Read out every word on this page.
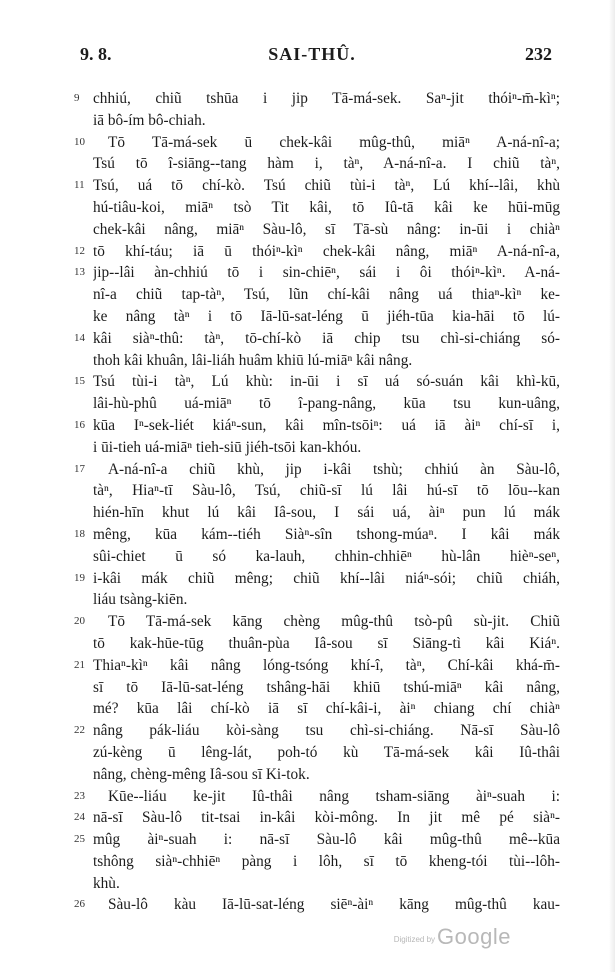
9. 8.	SAI-THÛ.	232
9 chhiú, chiũ tshūa i jip Tā-má-sek. Saⁿ-jit thóiⁿ-m̄-kìⁿ;
iā bô-ím bô-chiah.
10	Tō Tā-má-sek ū chek-kâi mûg-thû, miāⁿ A-ná-nî-a;
Tsú tō î-siāng--tang hàm i, tàⁿ, A-ná-nî-a. I chiũ tàⁿ,
11 Tsú, uá tō chí-kò. Tsú chiũ tùi-i tàⁿ, Lú khí--lâi, khù
hú-tiâu-koi, miāⁿ tsò Tit kâi, tō Iû-tā kâi ke hūi-mūg
chek-kâi nâng, miāⁿ Sàu-lô, sī Tā-sù nâng: in-ūi i chiàⁿ
12 tō khí-táu; iā ū thóiⁿ-kìⁿ chek-kâi nâng, miāⁿ A-ná-nî-a,
13 jip--lâi àn-chhiú tō i sin-chiēⁿ, sái i ôi thóiⁿ-kìⁿ. A-ná-
nî-a chiũ tap-tàⁿ, Tsú, lũn chí-kâi nâng uá thiaⁿ-kìⁿ ke-
ke nâng tàⁿ i tō Iā-lū-sat-léng ū jiéh-tūa kia-hāi tō lú-
14 kâi siàⁿ-thû: tàⁿ, tō-chí-kò iā chip tsu chì-si-chiáng só-
thoh kâi khuân, lâi-liáh huâm khiū lú-miāⁿ kâi nâng.
15 Tsú tùi-i tàⁿ, Lú khù: in-ūi i sī uá só-suán kâi khì-kū,
lâi-hù-phû uá-miāⁿ tō î-pang-nâng, kūa tsu kun-uâng,
16 kūa Iⁿ-sek-liét kiáⁿ-sun, kâi mîn-tsōiⁿ: uá iā àiⁿ chí-sī i,
i ūi-tieh uá-miāⁿ tieh-siū jiéh-tsōi kan-khóu.
17	A-ná-nî-a chiũ khù, jip i-kâi tshù; chhiú àn Sàu-lô,
tàⁿ, Hiaⁿ-tī Sàu-lô, Tsú, chiũ-sī lú lâi hú-sī tō lōu--kan
hién-hīn khut lú kâi Iâ-sou, I sái uá, àiⁿ pun lú mák
18 mêng, kūa kám--tiéh Siàⁿ-sîn tshong-múaⁿ. I kâi mák
sûi-chiet ū só ka-lauh, chhin-chhiēⁿ hù-lân hièⁿ-seⁿ,
19 i-kâi mák chiũ mêng; chiũ khí--lâi niáⁿ-sói; chiũ chiáh,
liáu tsàng-kiēn.
20	Tō Tā-má-sek kāng chèng mûg-thû tsò-pû sù-jit. Chiũ
tō kak-hūe-tūg thuân-pùa Iâ-sou sī Siāng-tì kâi Kiáⁿ.
21 Thiaⁿ-kìⁿ kâi nâng lóng-tsóng khí-î, tàⁿ, Chí-kâi khá-m̄-
sī tō Iā-lū-sat-léng tshâng-hāi khiū tshú-miāⁿ kâi nâng,
mé? kūa lâi chí-kò iā sī chí-kâi-i, àiⁿ chiang chí chiàⁿ
22 nâng pák-liáu kòi-sàng tsu chì-si-chiáng. Nā-sī Sàu-lô
zú-kèng ū lêng-lát, poh-tó kù Tā-má-sek kâi Iû-thâi
nâng, chèng-mêng Iâ-sou sī Ki-tok.
23	Kūe--liáu ke-jit Iû-thâi nâng tsham-siāng àiⁿ-suah i:
24 nā-sī Sàu-lô tit-tsai in-kâi kòi-mông. In jit mê pé siàⁿ-
25 mûg àiⁿ-suah i: nā-sī Sàu-lô kâi mûg-thû mê--kūa
tshông siàⁿ-chhiēⁿ pàng i lôh, sī tō kheng-tói tùi--lôh-
khù.
26	Sàu-lô kàu Iā-lū-sat-léng siēⁿ-àiⁿ kāng mûg-thû kau-
Digitized byGoogle
